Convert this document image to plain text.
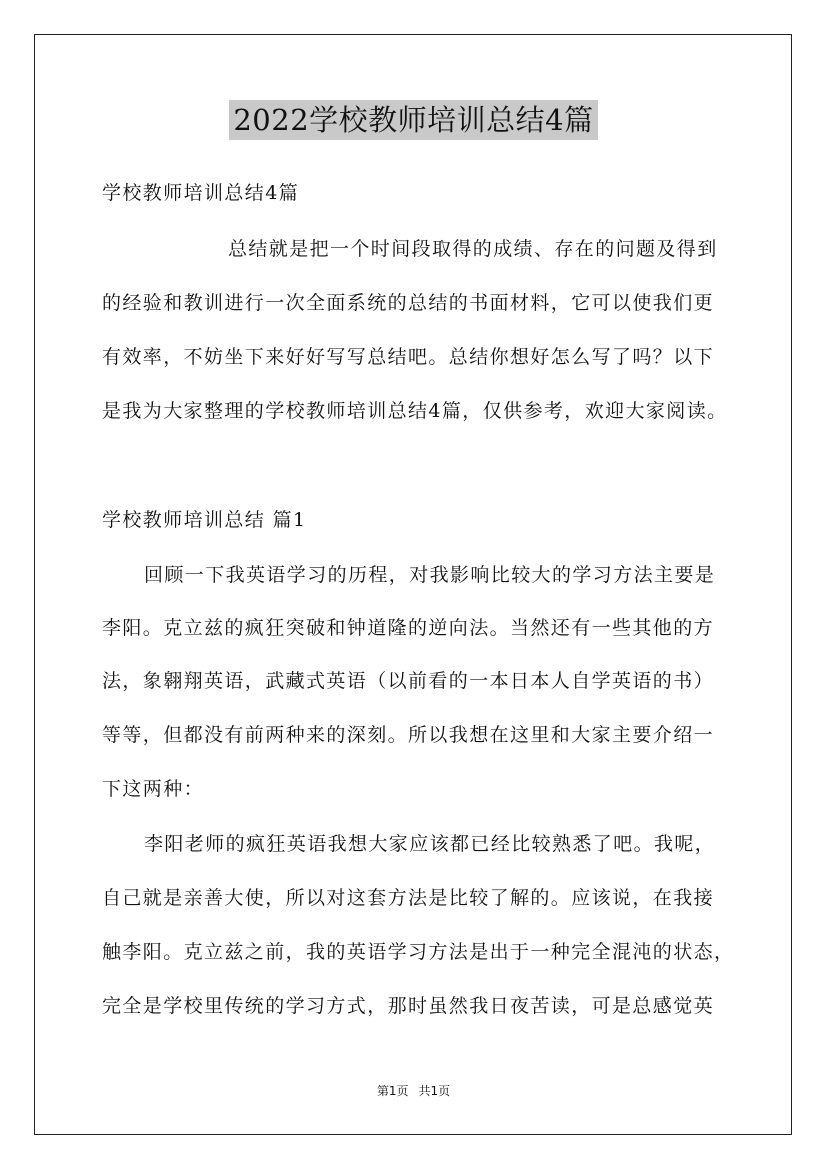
2022学校教师培训总结4篇
学校教师培训总结4篇
总结就是把一个时间段取得的成绩、存在的问题及得到
的经验和教训进行一次全面系统的总结的书面材料，它可以使我们更
有效率，不妨坐下来好好写写总结吧。总结你想好怎么写了吗？以下
是我为大家整理的学校教师培训总结4篇，仅供参考，欢迎大家阅读。
学校教师培训总结 篇1
回顾一下我英语学习的历程，对我影响比较大的学习方法主要是
李阳。克立兹的疯狂突破和钟道隆的逆向法。当然还有一些其他的方
法，象翱翔英语，武藏式英语（以前看的一本日本人自学英语的书）
等等，但都没有前两种来的深刻。所以我想在这里和大家主要介绍一
下这两种：
李阳老师的疯狂英语我想大家应该都已经比较熟悉了吧。我呢，
自己就是亲善大使，所以对这套方法是比较了解的。应该说，在我接
触李阳。克立兹之前，我的英语学习方法是出于一种完全混沌的状态，
完全是学校里传统的学习方式，那时虽然我日夜苦读，可是总感觉英
第1页 共1页
